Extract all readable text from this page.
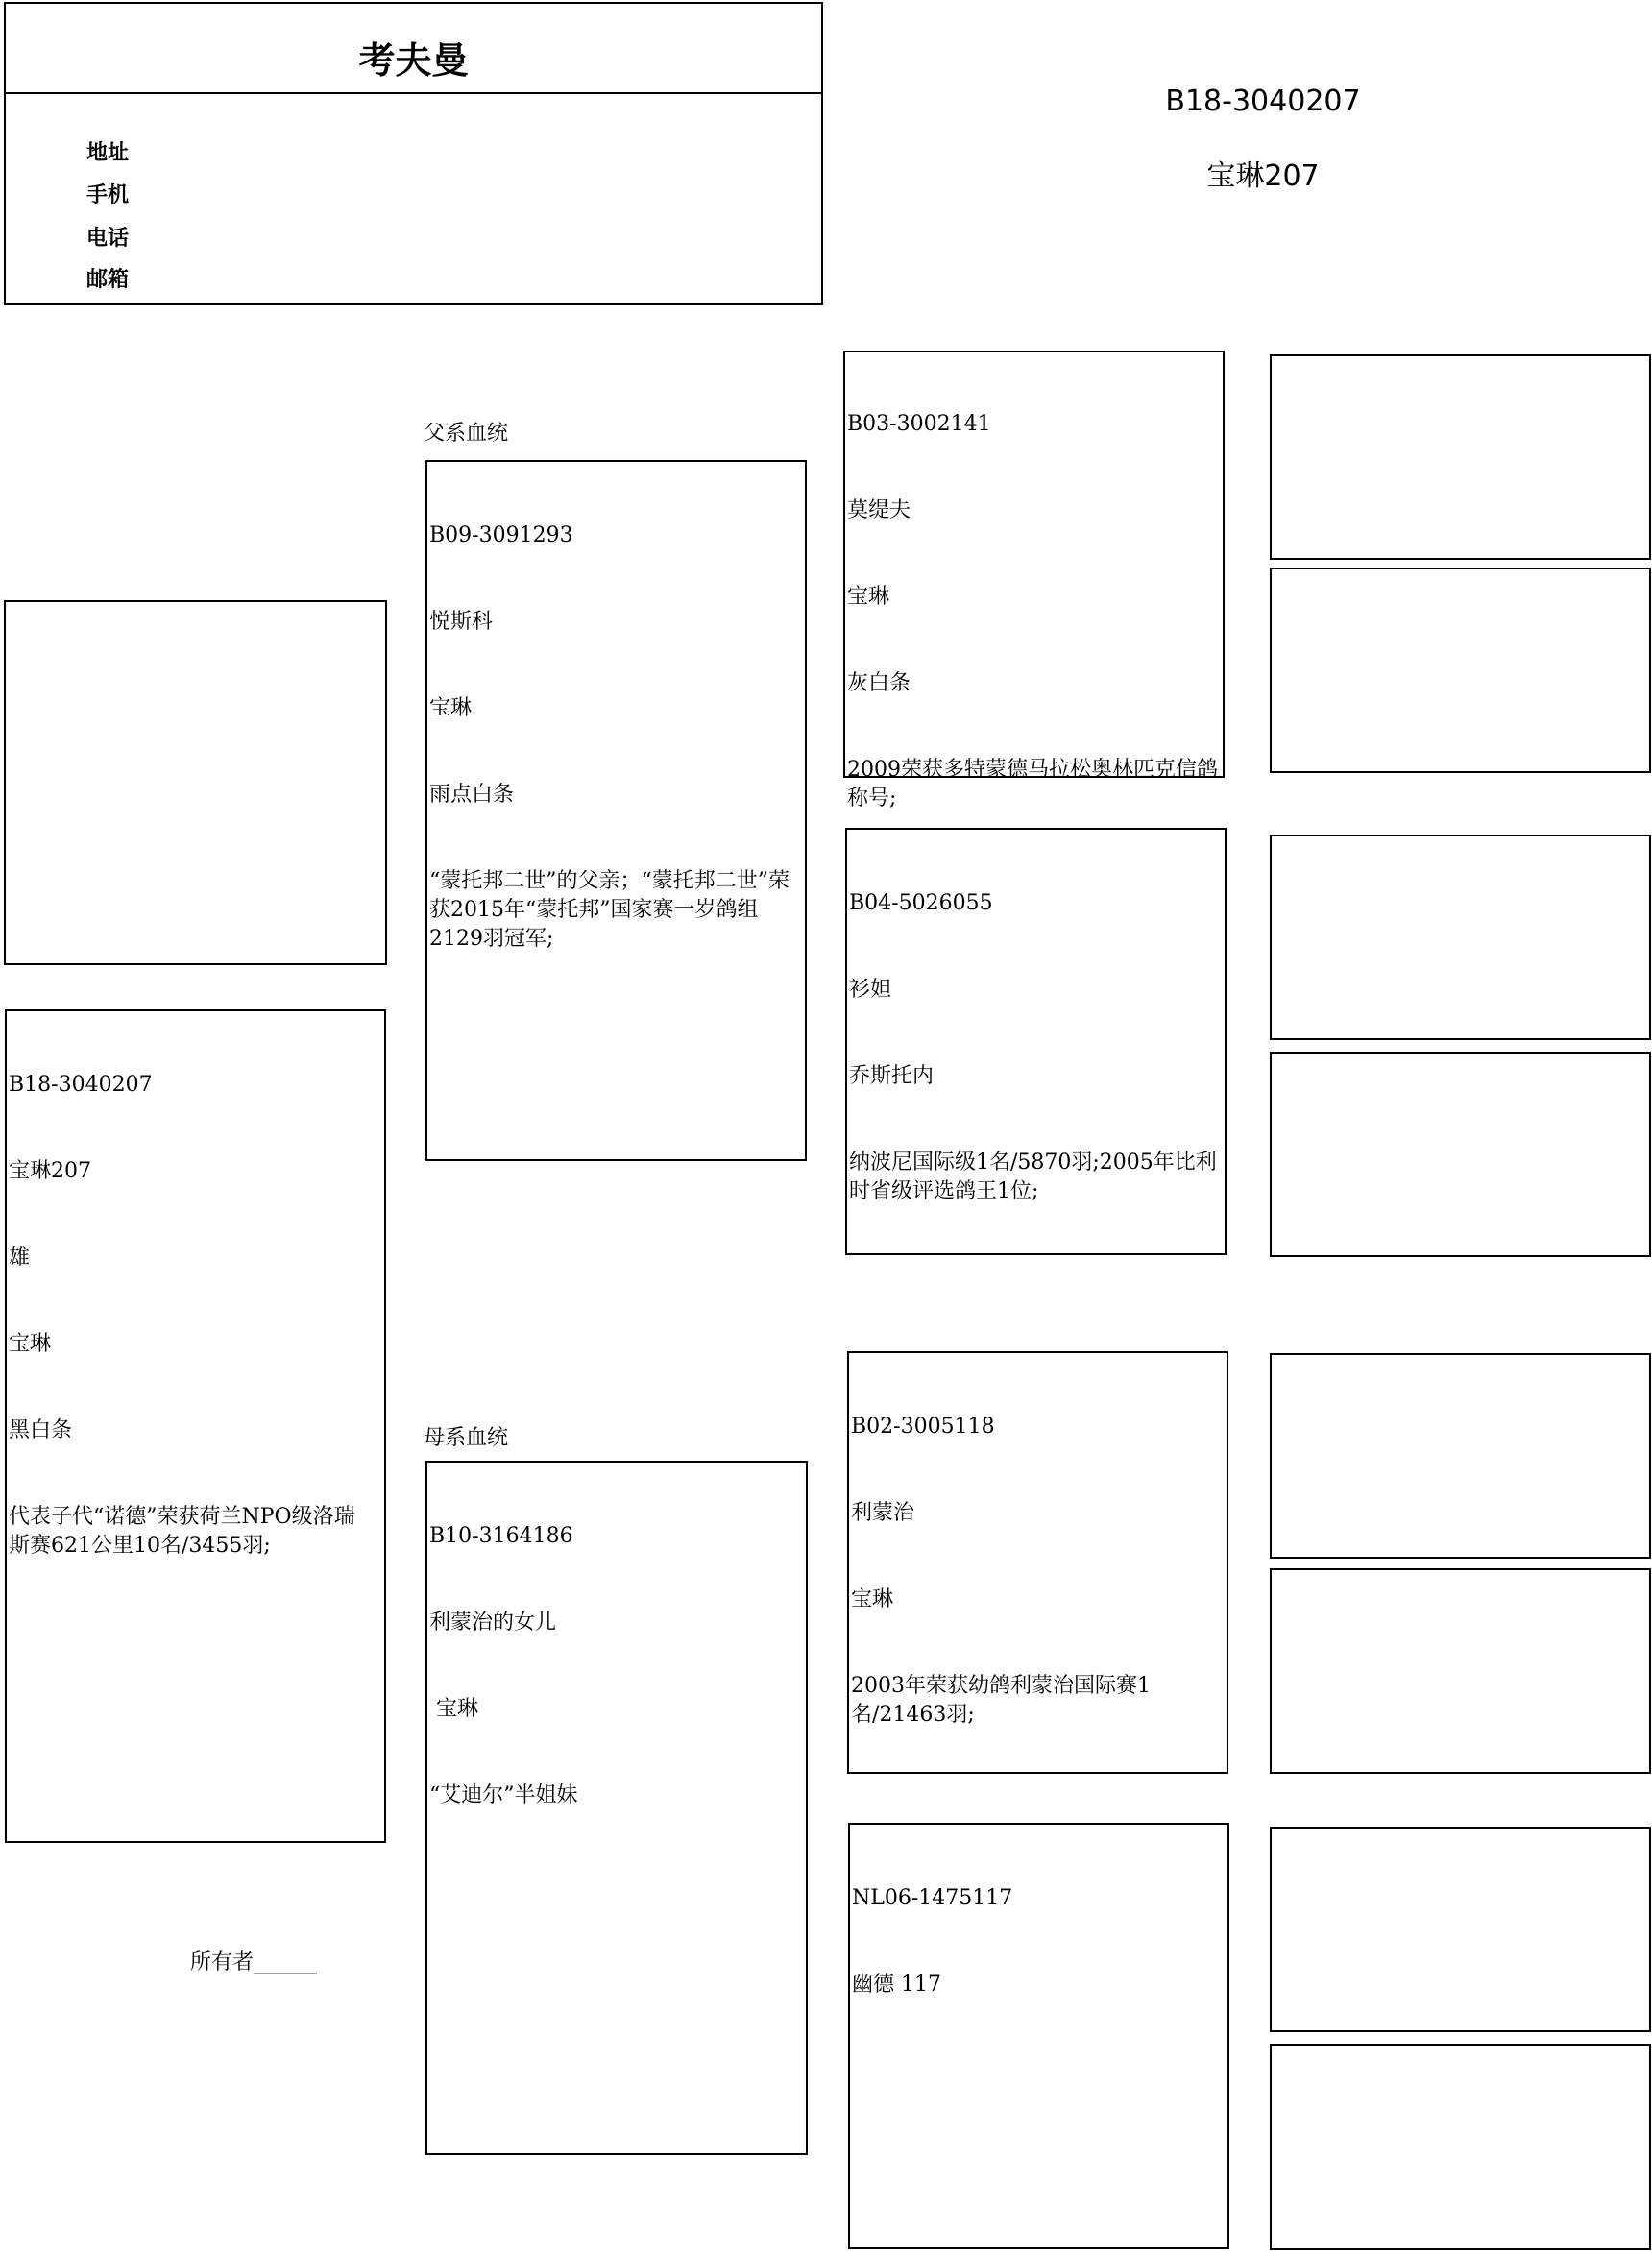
考夫曼
地址
手机
电话
邮箱
B18-3040207
宝琳207

B18-3040207

宝琳207

雄

宝琳

黑白条

代表子代“诺德”荣获荷兰NPO级洛瑞 斯赛621公里10名/3455羽;

所有者______
父系血统

B09-3091293

悦斯科

宝琳

雨点白条

“蒙托邦二世”的父亲；“蒙托邦二世”荣获2015年“蒙托邦”国家赛一岁鸽组2129羽冠军;

母系血统

B10-3164186

利蒙治的女儿

宝琳

“艾迪尔”半姐妹

B03-3002141

莫缇夫

宝琳

灰白条

2009荣获多特蒙德马拉松奥林匹克信鸽称号;

B04-5026055

衫妲

乔斯托内

纳波尼国际级1名/5870羽;2005年比利时省级评选鸽王1位;

B02-3005118

利蒙治

宝琳

2003年荣获幼鸽利蒙治国际赛1名/21463羽;

NL06-1475117

幽德 117
